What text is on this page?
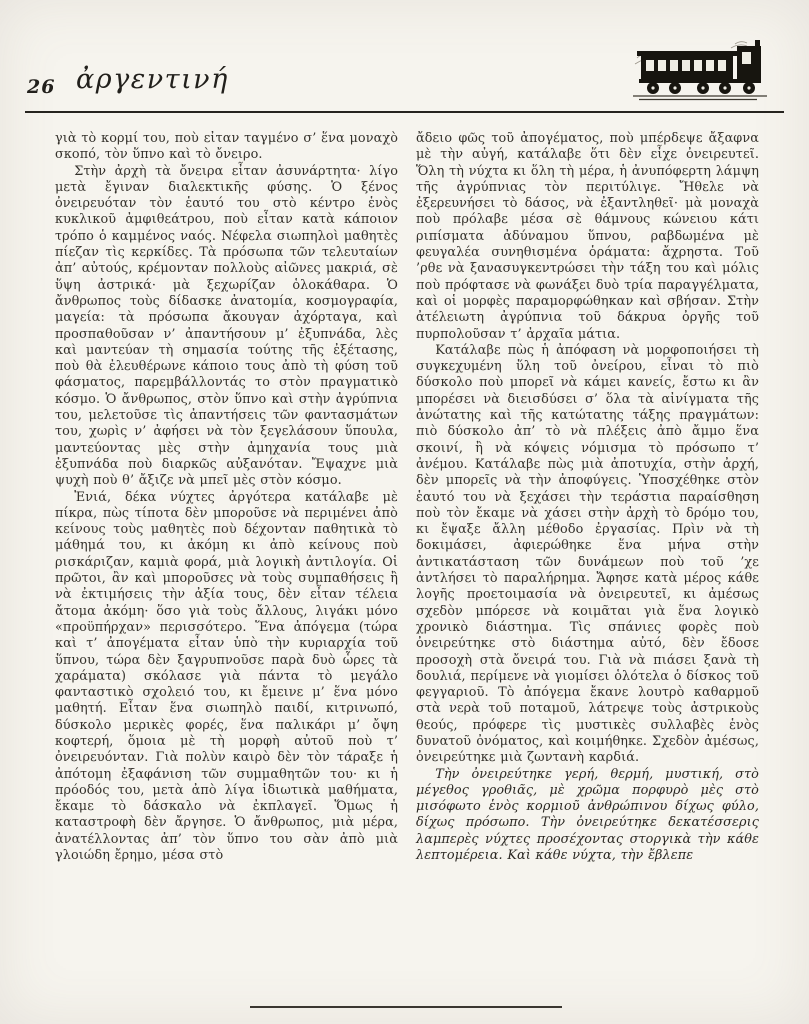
26 ἀργεντινή

γιὰ τὸ κορμί του, ποὺ εἶταν ταγμένο σ’ ἕνα μοναχὸ σκοπό, τὸν ὕπνο καὶ τὸ ὄνειρο.

Στὴν ἀρχὴ τὰ ὄνειρα εἶταν ἀσυνάρτητα· λίγο μετὰ ἔγιναν διαλεκτικῆς φύσης. Ὁ ξένος ὀνειρευόταν τὸν ἑαυτό του στὸ κέντρο ἑνὸς κυκλικοῦ ἀμφιθεάτρου, ποὺ εἶταν κατὰ κάποιον τρόπο ὁ καμμένος ναός. Νέφελα σιωπηλοὶ μαθητὲς πίεζαν τὶς κερκίδες. Τὰ πρόσωπα τῶν τελευταίων ἀπ’ αὐτούς, κρέμονταν πολλοὺς αἰῶνες μακριά, σὲ ὕψη ἀστρικά· μὰ ξεχωρίζαν ὁλοκάθαρα. Ὁ ἄνθρωπος τοὺς δίδασκε ἀνατομία, κοσμογραφία, μαγεία: τὰ πρόσωπα ἄκουγαν ἀχόρταγα, καὶ προσπαθοῦσαν ν’ ἀπαντήσουν μ’ ἐξυπνάδα, λὲς καὶ μαντεύαν τὴ σημασία τούτης τῆς ἐξέτασης, ποὺ θὰ ἐλευθέρωνε κάποιο τους ἀπὸ τὴ φύση τοῦ φάσματος, παρεμβάλλοντάς το στὸν πραγματικὸ κόσμο. Ὁ ἄνθρωπος, στὸν ὕπνο καὶ στὴν ἀγρύπνια του, μελετοῦσε τὶς ἀπαντήσεις τῶν φαντασμάτων του, χωρὶς ν’ ἀφήσει νὰ τὸν ξεγελάσουν ὕπουλα, μαντεύοντας μὲς στὴν ἀμηχανία τους μιὰ ἐξυπνάδα ποὺ διαρκῶς αὐξανόταν. Ἔψαχνε μιὰ ψυχὴ ποὺ θ’ ἄξιζε νὰ μπεῖ μὲς στὸν κόσμο.

Ἐνιά, δέκα νύχτες ἀργότερα κατάλαβε μὲ πίκρα, πὼς τίποτα δὲν μποροῦσε νὰ περιμένει ἀπὸ κείνους τοὺς μαθητὲς ποὺ δέχονταν παθητικὰ τὸ μάθημά του, κι ἀκόμη κι ἀπὸ κείνους ποὺ ρισκάριζαν, καμιὰ φορά, μιὰ λογικὴ ἀντιλογία. Οἱ πρῶτοι, ἂν καὶ μποροῦσες νὰ τοὺς συμπαθήσεις ἢ νὰ ἐκτιμήσεις τὴν ἀξία τους, δὲν εἶταν τέλεια ἄτομα ἀκόμη· ὅσο γιὰ τοὺς ἄλλους, λιγάκι μόνο «προϋπήρχαν» περισσότερο. Ἕνα ἀπόγεμα (τώρα καὶ τ’ ἀπογέματα εἶταν ὑπὸ τὴν κυριαρχία τοῦ ὕπνου, τώρα δὲν ξαγρυπνοῦσε παρὰ δυὸ ὧρες τὰ χαράματα) σκόλασε γιὰ πάντα τὸ μεγάλο φανταστικὸ σχολειό του, κι ἔμεινε μ’ ἕνα μόνο μαθητή. Εἶταν ἕνα σιωπηλὸ παιδί, κιτρινωπό, δύσκολο μερικὲς φορές, ἕνα παλικάρι μ’ ὄψη κοφτερή, ὅμοια μὲ τὴ μορφὴ αὐτοῦ ποὺ τ’ ὀνειρευόνταν. Γιὰ πολὺν καιρὸ δὲν τὸν τάραξε ἡ ἀπότομη ἐξαφάνιση τῶν συμμαθητῶν του· κι ἡ πρόοδός του, μετὰ ἀπὸ λίγα ἰδιωτικὰ μαθήματα, ἔκαμε τὸ δάσκαλο νὰ ἐκπλαγεῖ. Ὅμως ἡ καταστροφὴ δὲν ἄργησε. Ὁ ἄνθρωπος, μιὰ μέρα, ἀνατέλλοντας ἀπ’ τὸν ὕπνο του σὰν ἀπὸ μιὰ γλοιώδη ἔρημο, μέσα στὸ

ἄδειο φῶς τοῦ ἀπογέματος, ποὺ μπέρδεψε ἄξαφνα μὲ τὴν αὐγή, κατάλαβε ὅτι δὲν εἶχε ὀνειρευτεῖ. Ὅλη τὴ νύχτα κι ὅλη τὴ μέρα, ἡ ἀνυπόφερτη λάμψη τῆς ἀγρύπνιας τὸν περιτύλιγε. Ἤθελε νὰ ἐξερευνήσει τὸ δάσος, νὰ ἐξαντληθεῖ· μὰ μοναχὰ ποὺ πρόλαβε μέσα σὲ θάμνους κώνειου κάτι ριπίσματα ἀδύναμου ὕπνου, ραβδωμένα μὲ φευγαλέα συνηθισμένα ὁράματα: ἄχρηστα. Τοῦ ’ρθε νὰ ξανασυγκεντρώσει τὴν τάξη του καὶ μόλις ποὺ πρόφτασε νὰ φωνάξει δυὸ τρία παραγγέλματα, καὶ οἱ μορφὲς παραμορφώθηκαν καὶ σβήσαν. Στὴν ἀτέλειωτη ἀγρύπνια τοῦ δάκρυα ὀργῆς τοῦ πυρπολοῦσαν τ’ ἀρχαῖα μάτια.

Κατάλαβε πὼς ἡ ἀπόφαση νὰ μορφοποιήσει τὴ συγκεχυμένη ὕλη τοῦ ὀνείρου, εἶναι τὸ πιὸ δύσκολο ποὺ μπορεῖ νὰ κάμει κανείς, ἔστω κι ἂν μπορέσει νὰ διεισδύσει σ’ ὅλα τὰ αἰνίγματα τῆς ἀνώτατης καὶ τῆς κατώτατης τάξης πραγμάτων: πιὸ δύσκολο ἀπ’ τὸ νὰ πλέξεις ἀπὸ ἄμμο ἕνα σκοινί, ἢ νὰ κόψεις νόμισμα τὸ πρόσωπο τ’ ἀνέμου. Κατάλαβε πὼς μιὰ ἀποτυχία, στὴν ἀρχή, δὲν μπορεῖς νὰ τὴν ἀποφύγεις. Ὑποσχέθηκε στὸν ἑαυτό του νὰ ξεχάσει τὴν τεράστια παραίσθηση ποὺ τὸν ἔκαμε νὰ χάσει στὴν ἀρχὴ τὸ δρόμο του, κι ἔψαξε ἄλλη μέθοδο ἐργασίας. Πρὶν νὰ τὴ δοκιμάσει, ἀφιερώθηκε ἕνα μήνα στὴν ἀντικατάσταση τῶν δυνάμεων ποὺ τοῦ ’χε ἀντλήσει τὸ παραλήρημα. Ἄφησε κατὰ μέρος κάθε λογῆς προετοιμασία νὰ ὀνειρευτεῖ, κι ἀμέσως σχεδὸν μπόρεσε νὰ κοιμᾶται γιὰ ἕνα λογικὸ χρονικὸ διάστημα. Τὶς σπάνιες φορὲς ποὺ ὀνειρεύτηκε στὸ διάστημα αὐτό, δὲν ἔδοσε προσοχὴ στὰ ὄνειρά του. Γιὰ νὰ πιάσει ξανὰ τὴ δουλιά, περίμενε νὰ γιομίσει ὁλότελα ὁ δίσκος τοῦ φεγγαριοῦ. Τὸ ἀπόγεμα ἔκανε λουτρὸ καθαρμοῦ στὰ νερὰ τοῦ ποταμοῦ, λάτρεψε τοὺς ἀστρικοὺς θεούς, πρόφερε τὶς μυστικὲς συλλαβὲς ἑνὸς δυνατοῦ ὀνόματος, καὶ κοιμήθηκε. Σχεδὸν ἀμέσως, ὀνειρεύτηκε μιὰ ζωντανὴ καρδιά.

Τὴν ὀνειρεύτηκε γερή, θερμή, μυστική, στὸ μέγεθος γροθιᾶς, μὲ χρῶμα πορφυρὸ μὲς στὸ μισόφωτο ἑνὸς κορμιοῦ ἀνθρώπινου δίχως φύλο, δίχως πρόσωπο. Τὴν ὀνειρεύτηκε δεκατέσσερις λαμπερὲς νύχτες προσέχοντας στοργικὰ τὴν κάθε λεπτομέρεια. Καὶ κάθε νύχτα, τὴν ἔβλεπε
